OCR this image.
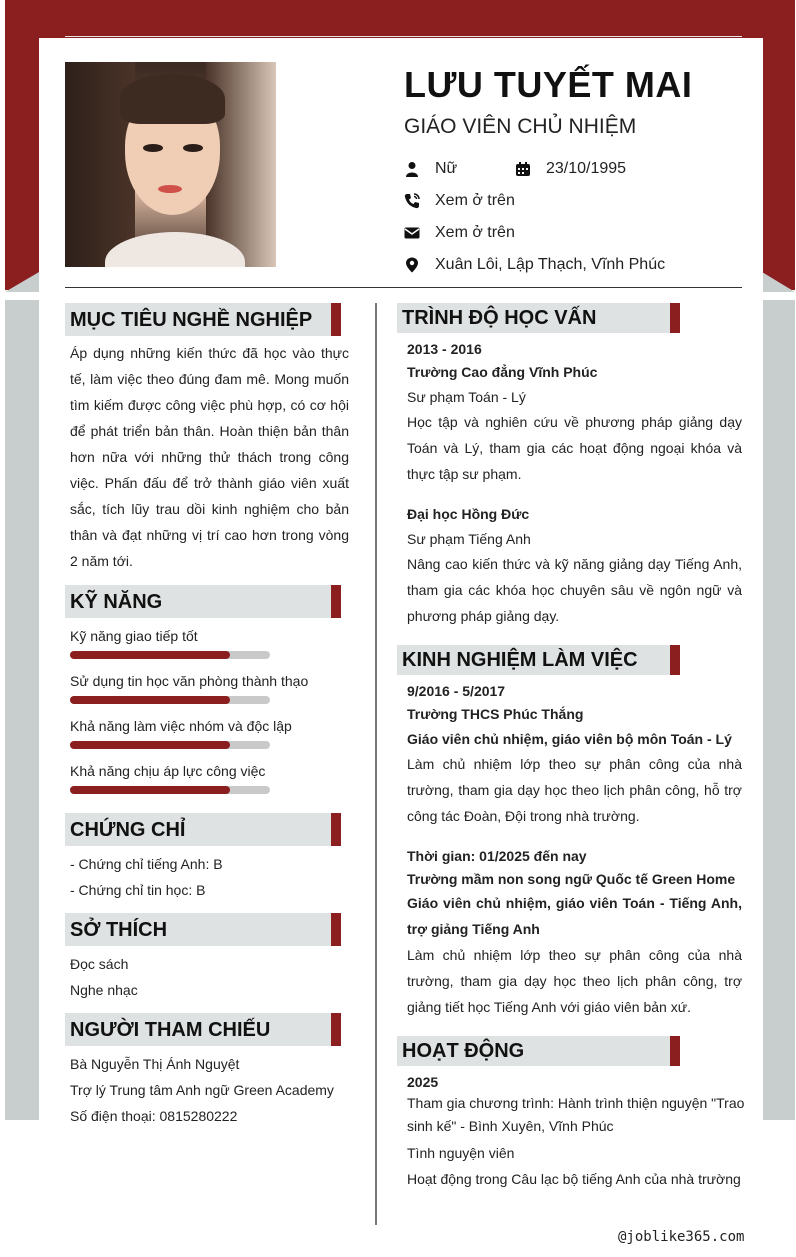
LƯU TUYẾT MAI
GIÁO VIÊN CHỦ NHIỆM
Nữ	23/10/1995
Xem ở trên
Xem ở trên
Xuân Lôi, Lập Thạch, Vĩnh Phúc
MỤC TIÊU NGHỀ NGHIỆP
Áp dụng những kiến thức đã học vào thực tế, làm việc theo đúng đam mê. Mong muốn tìm kiếm được công việc phù hợp, có cơ hội để phát triển bản thân. Hoàn thiện bản thân hơn nữa với những thử thách trong công việc. Phấn đấu để trở thành giáo viên xuất sắc, tích lũy trau dồi kinh nghiệm cho bản thân và đạt những vị trí cao hơn trong vòng 2 năm tới.
KỸ NĂNG
Kỹ năng giao tiếp tốt
Sử dụng tin học văn phòng thành thạo
Khả năng làm việc nhóm và độc lập
Khả năng chịu áp lực công việc
CHỨNG CHỈ
- Chứng chỉ tiếng Anh: B
- Chứng chỉ tin học: B
SỞ THÍCH
Đọc sách
Nghe nhạc
NGƯỜI THAM CHIẾU
Bà Nguyễn Thị Ánh Nguyệt
Trợ lý Trung tâm Anh ngữ Green Academy
Số điện thoại: 0815280222
TRÌNH ĐỘ HỌC VẤN
2013 - 2016
Trường Cao đẳng Vĩnh Phúc
Sư phạm Toán - Lý
Học tập và nghiên cứu về phương pháp giảng dạy Toán và Lý, tham gia các hoạt động ngoại khóa và thực tập sư phạm.
Đại học Hồng Đức
Sư phạm Tiếng Anh
Nâng cao kiến thức và kỹ năng giảng dạy Tiếng Anh, tham gia các khóa học chuyên sâu về ngôn ngữ và phương pháp giảng dạy.
KINH NGHIỆM LÀM VIỆC
9/2016 - 5/2017
Trường THCS Phúc Thắng
Giáo viên chủ nhiệm, giáo viên bộ môn Toán - Lý
Làm chủ nhiệm lớp theo sự phân công của nhà trường, tham gia dạy học theo lịch phân công, hỗ trợ công tác Đoàn, Đội trong nhà trường.
Thời gian: 01/2025 đến nay
Trường mầm non song ngữ Quốc tế Green Home
Giáo viên chủ nhiệm, giáo viên Toán - Tiếng Anh, trợ giảng Tiếng Anh
Làm chủ nhiệm lớp theo sự phân công của nhà trường, tham gia dạy học theo lịch phân công, trợ giảng tiết học Tiếng Anh với giáo viên bản xứ.
HOẠT ĐỘNG
2025
Tham gia chương trình: Hành trình thiện nguyện "Trao sinh kế" - Bình Xuyên, Vĩnh Phúc
Tình nguyện viên
Hoạt động trong Câu lạc bộ tiếng Anh của nhà trường
@joblike365.com
